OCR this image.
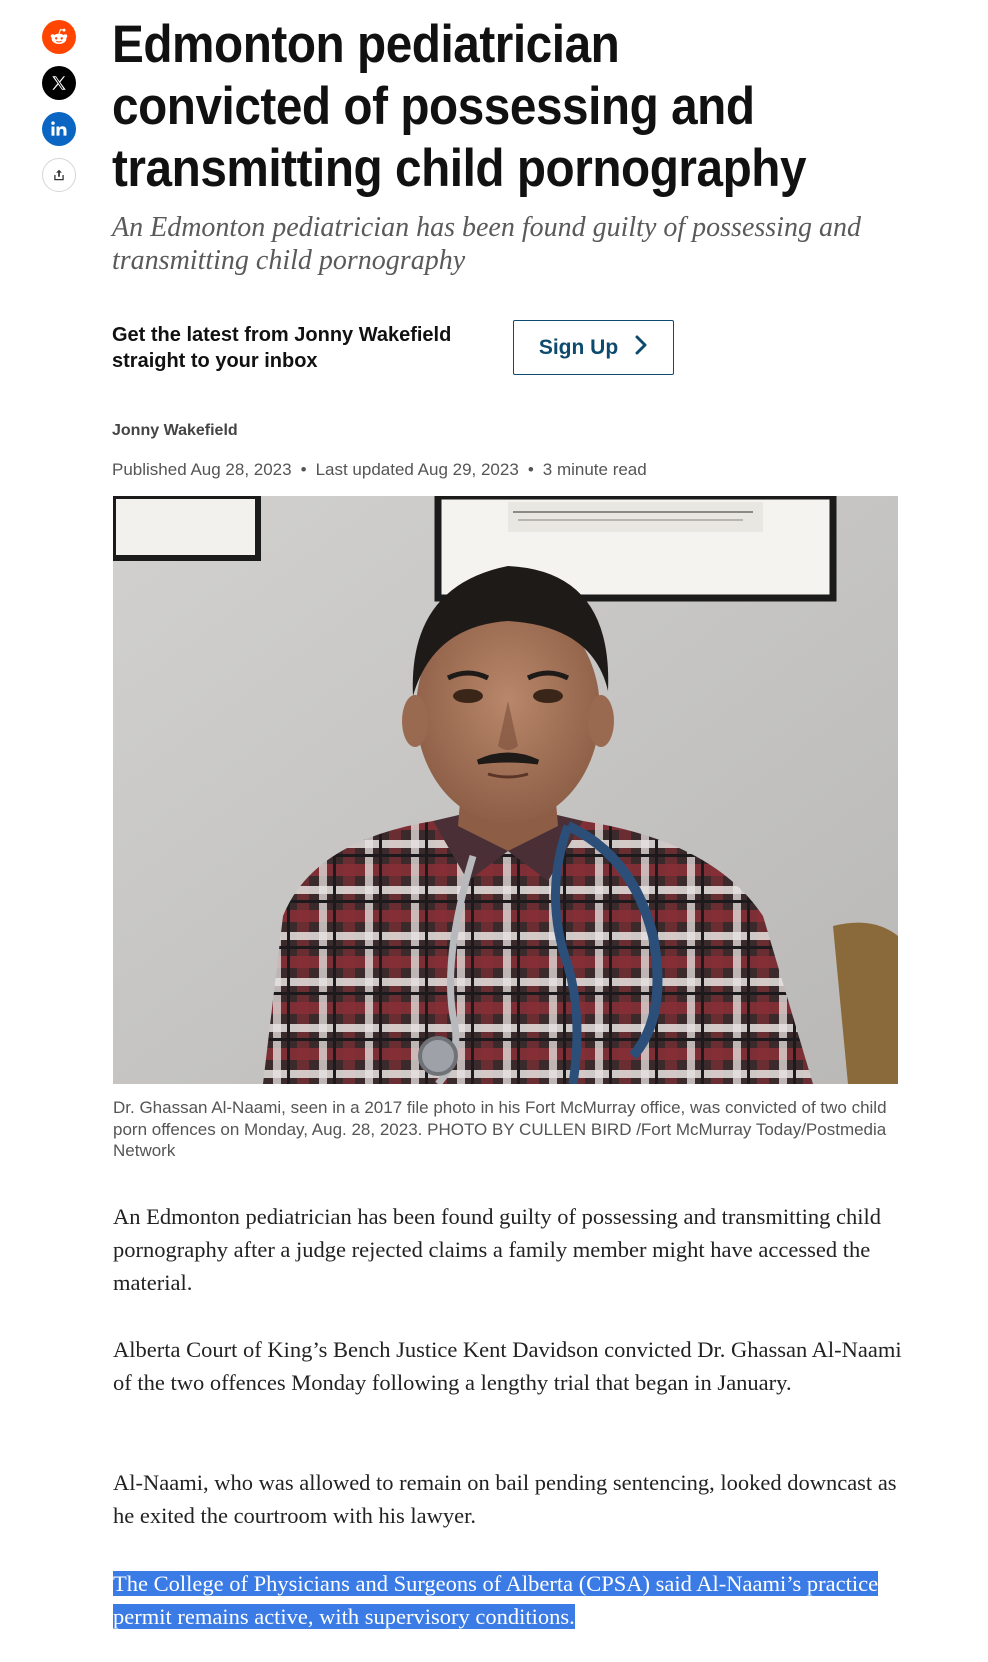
Edmonton pediatrician convicted of possessing and transmitting child pornography

An Edmonton pediatrician has been found guilty of possessing and transmitting child pornography

Get the latest from Jonny Wakefield straight to your inbox
Sign Up
Jonny Wakefield
Published Aug 28, 2023 • Last updated Aug 29, 2023 • 3 minute read
Dr. Ghassan Al-Naami, seen in a 2017 file photo in his Fort McMurray office, was convicted of two child porn offences on Monday, Aug. 28, 2023. PHOTO BY CULLEN BIRD /Fort McMurray Today/Postmedia Network

An Edmonton pediatrician has been found guilty of possessing and transmitting child pornography after a judge rejected claims a family member might have accessed the material.

Alberta Court of King’s Bench Justice Kent Davidson convicted Dr. Ghassan Al-Naami of the two offences Monday following a lengthy trial that began in January.

Al-Naami, who was allowed to remain on bail pending sentencing, looked downcast as he exited the courtroom with his lawyer.

The College of Physicians and Surgeons of Alberta (CPSA) said Al-Naami’s practice permit remains active, with supervisory conditions.
